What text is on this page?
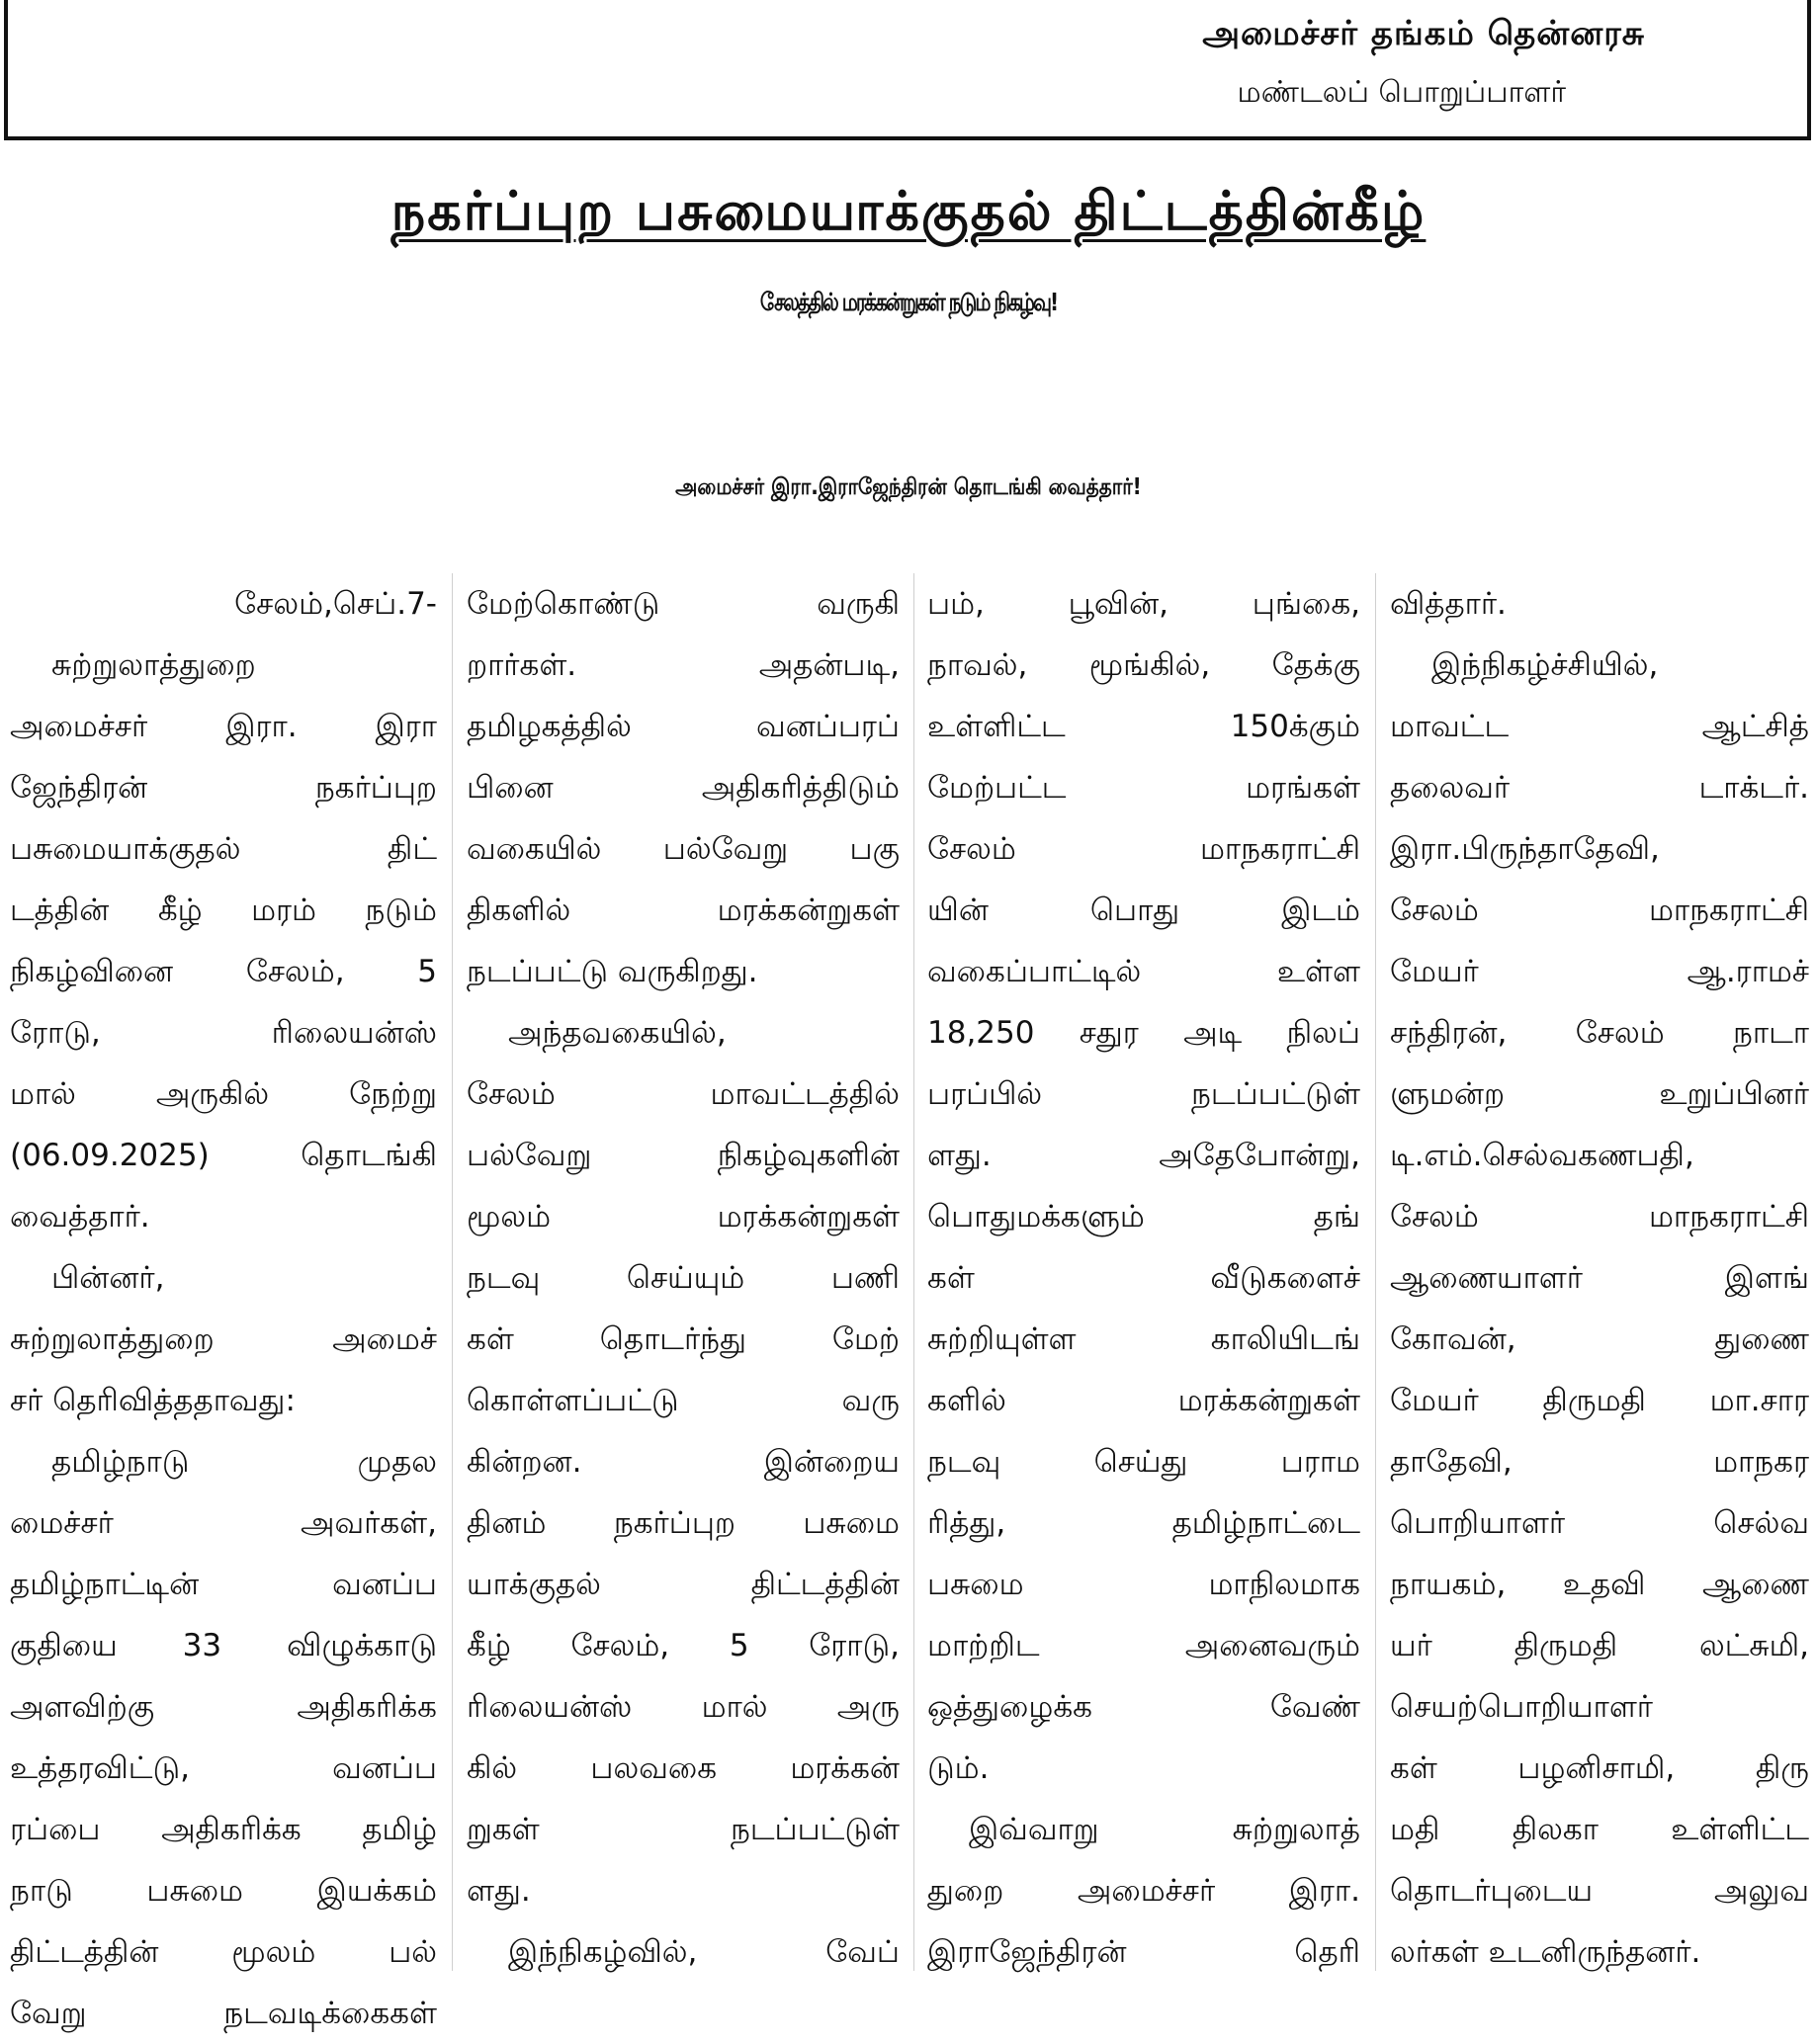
அமைச்சர் தங்கம் தென்னரசு
மண்டலப் பொறுப்பாளர்
நகர்ப்புற பசுமையாக்குதல் திட்டத்தின்கீழ்
சேலத்தில் மரக்கன்றுகள் நடும் நிகழ்வு!
அமைச்சர் இரா.இராஜேந்திரன் தொடங்கி வைத்தார்!
சேலம்,செப்.7-
சுற்றுலாத்துறை
அமைச்சர் இரா. இரா
ஜேந்திரன் நகர்ப்புற
பசுமையாக்குதல் திட்
டத்தின் கீழ் மரம் நடும்
நிகழ்வினை சேலம், 5
ரோடு, ரிலையன்ஸ்
மால் அருகில் நேற்று
(06.09.2025) தொடங்கி
வைத்தார்.
பின்னர்,
சுற்றுலாத்துறை அமைச்
சர் தெரிவித்ததாவது:
தமிழ்நாடு முதல
மைச்சர் அவர்கள்,
தமிழ்நாட்டின் வனப்ப
குதியை 33 விழுக்காடு
அளவிற்கு அதிகரிக்க
உத்தரவிட்டு, வனப்ப
ரப்பை அதிகரிக்க தமிழ்
நாடு பசுமை இயக்கம்
திட்டத்தின் மூலம் பல்
வேறு நடவடிக்கைகள்
மேற்கொண்டு வருகி
றார்கள். அதன்படி,
தமிழகத்தில் வனப்பரப்
பினை அதிகரித்திடும்
வகையில் பல்வேறு பகு
திகளில் மரக்கன்றுகள்
நடப்பட்டு வருகிறது.
அந்தவகையில்,
சேலம் மாவட்டத்தில்
பல்வேறு நிகழ்வுகளின்
மூலம் மரக்கன்றுகள்
நடவு செய்யும் பணி
கள் தொடர்ந்து மேற்
கொள்ளப்பட்டு வரு
கின்றன. இன்றைய
தினம் நகர்ப்புற பசுமை
யாக்குதல் திட்டத்தின்
கீழ் சேலம், 5 ரோடு,
ரிலையன்ஸ் மால் அரு
கில் பலவகை மரக்கன்
றுகள் நடப்பட்டுள்
ளது.
இந்நிகழ்வில், வேப்
பம், பூவின், புங்கை,
நாவல், மூங்கில், தேக்கு
உள்ளிட்ட 150க்கும்
மேற்பட்ட மரங்கள்
சேலம் மாநகராட்சி
யின் பொது இடம்
வகைப்பாட்டில் உள்ள
18,250 சதுர அடி நிலப்
பரப்பில் நடப்பட்டுள்
ளது. அதேபோன்று,
பொதுமக்களும் தங்
கள் வீடுகளைச்
சுற்றியுள்ள காலியிடங்
களில் மரக்கன்றுகள்
நடவு செய்து பராம
ரித்து, தமிழ்நாட்டை
பசுமை மாநிலமாக
மாற்றிட அனைவரும்
ஒத்துழைக்க வேண்
டும்.
இவ்வாறு சுற்றுலாத்
துறை அமைச்சர் இரா.
இராஜேந்திரன் தெரி
வித்தார்.
இந்நிகழ்ச்சியில்,
மாவட்ட ஆட்சித்
தலைவர் டாக்டர்.
இரா.பிருந்தாதேவி,
சேலம் மாநகராட்சி
மேயர் ஆ.ராமச்
சந்திரன், சேலம் நாடா
ளுமன்ற உறுப்பினர்
டி.எம்.செல்வகணபதி,
சேலம் மாநகராட்சி
ஆணையாளர் இளங்
கோவன், துணை
மேயர் திருமதி மா.சார
தாதேவி, மாநகர
பொறியாளர் செல்வ
நாயகம், உதவி ஆணை
யர் திருமதி லட்சுமி,
செயற்பொறியாளர்
கள் பழனிசாமி, திரு
மதி திலகா உள்ளிட்ட
தொடர்புடைய அலுவ
லர்கள் உடனிருந்தனர்.
